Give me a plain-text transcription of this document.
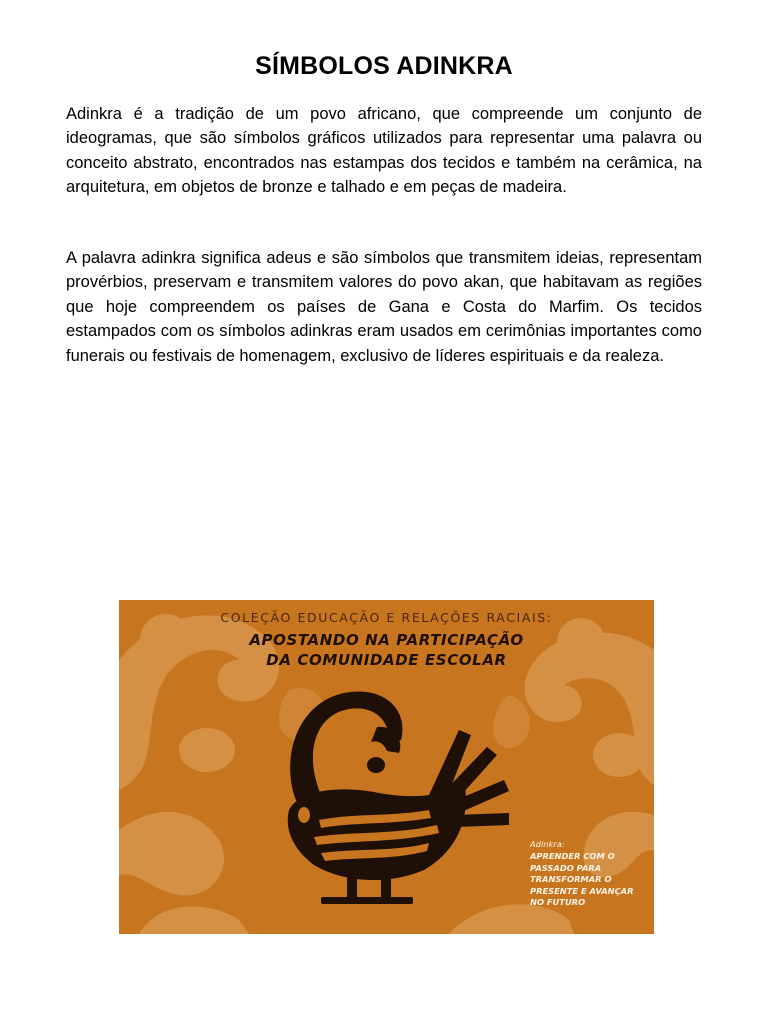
SÍMBOLOS ADINKRA

Adinkra é a tradição de um povo africano, que compreende um conjunto de ideogramas, que são símbolos gráficos utilizados para representar uma palavra ou conceito abstrato, encontrados nas estampas dos tecidos e também na cerâmica, na arquitetura, em objetos de bronze e talhado e em peças de madeira.

A palavra adinkra significa adeus e são símbolos que transmitem ideias, representam provérbios, preservam e transmitem valores do povo akan, que habitavam as regiões que hoje compreendem os países de Gana e Costa do Marfim. Os tecidos estampados com os símbolos adinkras eram usados em cerimônias importantes como funerais ou festivais de homenagem, exclusivo de líderes espirituais e da realeza.

COLEÇÃO EDUCAÇÃO E RELAÇÕES RACIAIS:

APOSTANDO NA PARTICIPAÇÃO

DA COMUNIDADE ESCOLAR

Adinkra:

APRENDER COM O PASSADO PARA TRANSFORMAR O PRESENTE E AVANÇAR NO FUTURO
